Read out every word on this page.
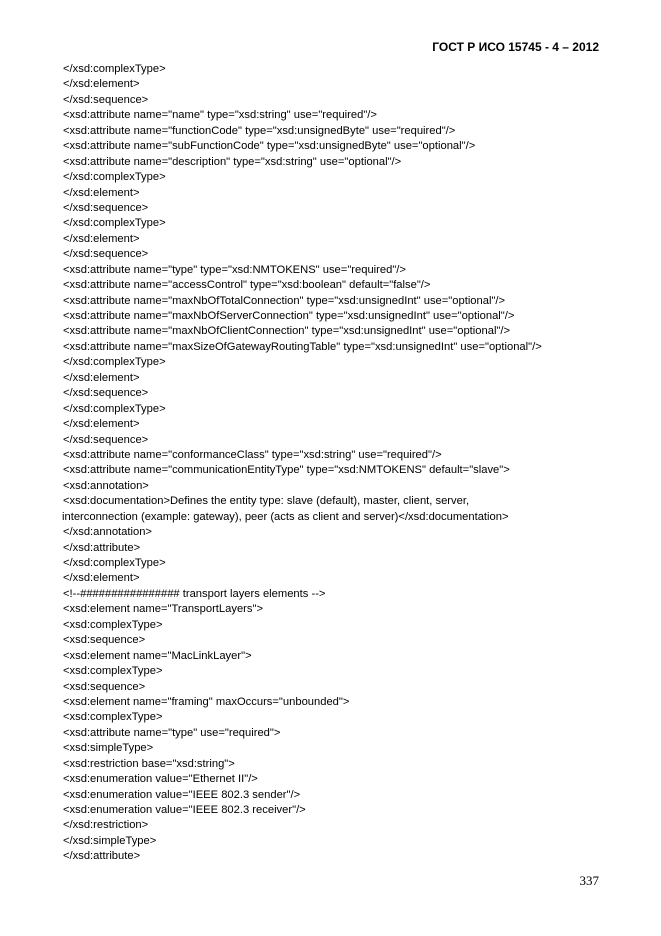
ГОСТ Р ИСО 15745 - 4 – 2012
</xsd:complexType>
</xsd:element>
</xsd:sequence>
<xsd:attribute name="name" type="xsd:string" use="required"/>
<xsd:attribute name="functionCode" type="xsd:unsignedByte" use="required"/>
<xsd:attribute name="subFunctionCode" type="xsd:unsignedByte" use="optional"/>
<xsd:attribute name="description" type="xsd:string" use="optional"/>
</xsd:complexType>
</xsd:element>
</xsd:sequence>
</xsd:complexType>
</xsd:element>
</xsd:sequence>
<xsd:attribute name="type" type="xsd:NMTOKENS" use="required"/>
<xsd:attribute name="accessControl" type="xsd:boolean" default="false"/>
<xsd:attribute name="maxNbOfTotalConnection" type="xsd:unsignedInt" use="optional"/>
<xsd:attribute name="maxNbOfServerConnection" type="xsd:unsignedInt" use="optional"/>
<xsd:attribute name="maxNbOfClientConnection" type="xsd:unsignedInt" use="optional"/>
<xsd:attribute name="maxSizeOfGatewayRoutingTable" type="xsd:unsignedInt" use="optional"/>
</xsd:complexType>
</xsd:element>
</xsd:sequence>
</xsd:complexType>
</xsd:element>
</xsd:sequence>
<xsd:attribute name="conformanceClass" type="xsd:string" use="required"/>
<xsd:attribute name="communicationEntityType" type="xsd:NMTOKENS" default="slave">
<xsd:annotation>
<xsd:documentation>Defines the entity type: slave (default), master, client, server,
interconnection (example: gateway), peer (acts as client and server)</xsd:documentation>
</xsd:annotation>
</xsd:attribute>
</xsd:complexType>
</xsd:element>
<!--################ transport layers elements -->
<xsd:element name="TransportLayers">
<xsd:complexType>
<xsd:sequence>
<xsd:element name="MacLinkLayer">
<xsd:complexType>
<xsd:sequence>
<xsd:element name="framing" maxOccurs="unbounded">
<xsd:complexType>
<xsd:attribute name="type" use="required">
<xsd:simpleType>
<xsd:restriction base="xsd:string">
<xsd:enumeration value="Ethernet II"/>
<xsd:enumeration value="IEEE 802.3 sender"/>
<xsd:enumeration value="IEEE 802.3 receiver"/>
</xsd:restriction>
</xsd:simpleType>
</xsd:attribute>
337
